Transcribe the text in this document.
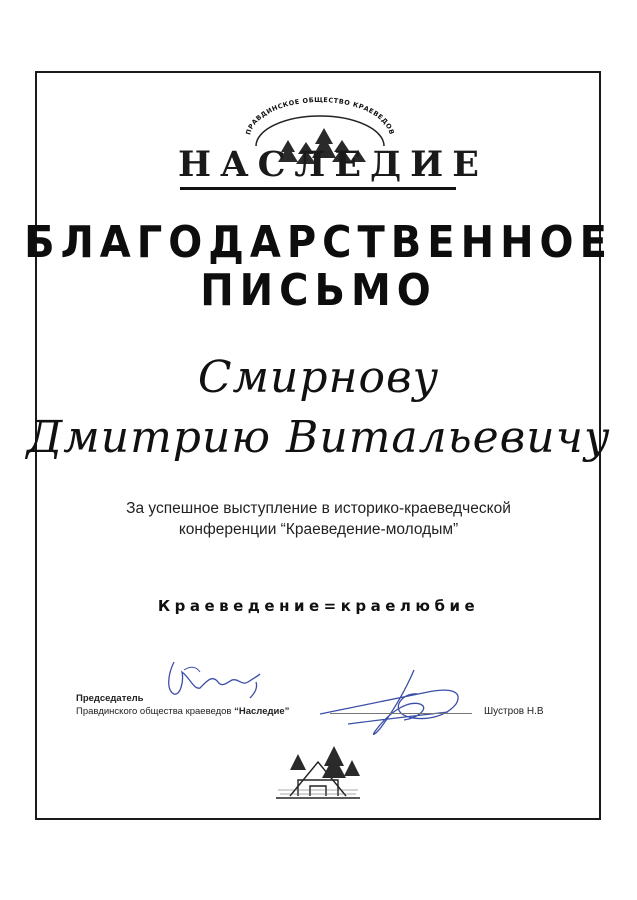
ПРАВДИНСКОЕ ОБЩЕСТВО КРАЕВЕДОВ
НАСЛЕДИЕ
БЛАГОДАРСТВЕННОЕ
ПИСЬМО
Смирнову
Дмитрию Витальевичу
За успешное выступление в историко-краеведческой
конференции “Краеведение-молодым”
Краеведение=краелюбие
Председатель
Правдинского общества краеведов “Наследие”	Шустров Н.В
